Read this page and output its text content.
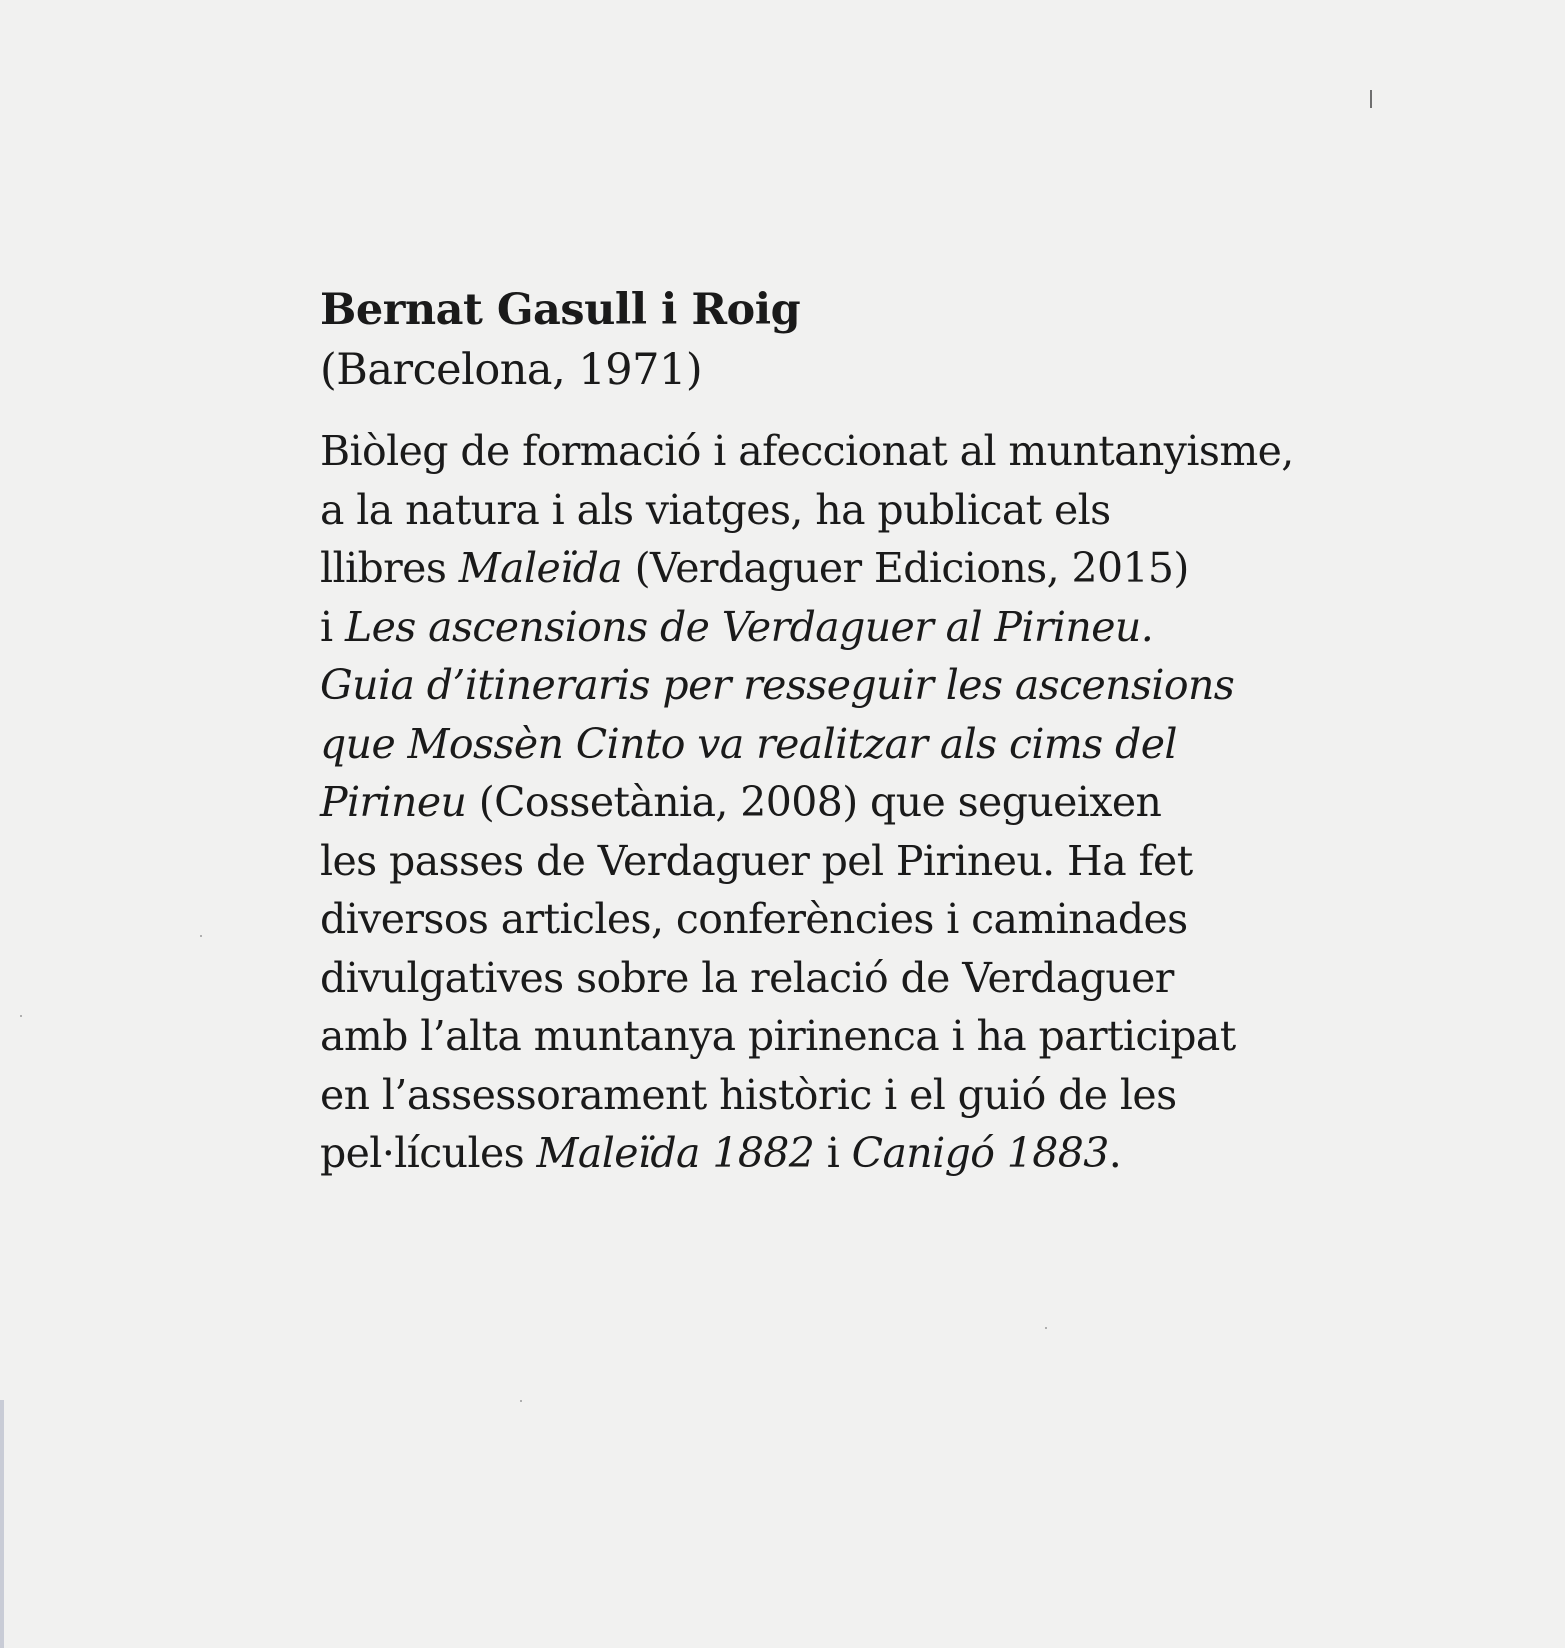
Bernat Gasull i Roig

(Barcelona, 1971)

Biòleg de formació i afeccionat al muntanyisme,
a la natura i als viatges, ha publicat els
llibres Maleïda (Verdaguer Edicions, 2015)
i Les ascensions de Verdaguer al Pirineu.
Guia d’itineraris per resseguir les ascensions
que Mossèn Cinto va realitzar als cims del
Pirineu (Cossetània, 2008) que segueixen
les passes de Verdaguer pel Pirineu. Ha fet
diversos articles, conferències i caminades
divulgatives sobre la relació de Verdaguer
amb l’alta muntanya pirinenca i ha participat
en l’assessorament històric i el guió de les
pel·lícules Maleïda 1882 i Canigó 1883.
